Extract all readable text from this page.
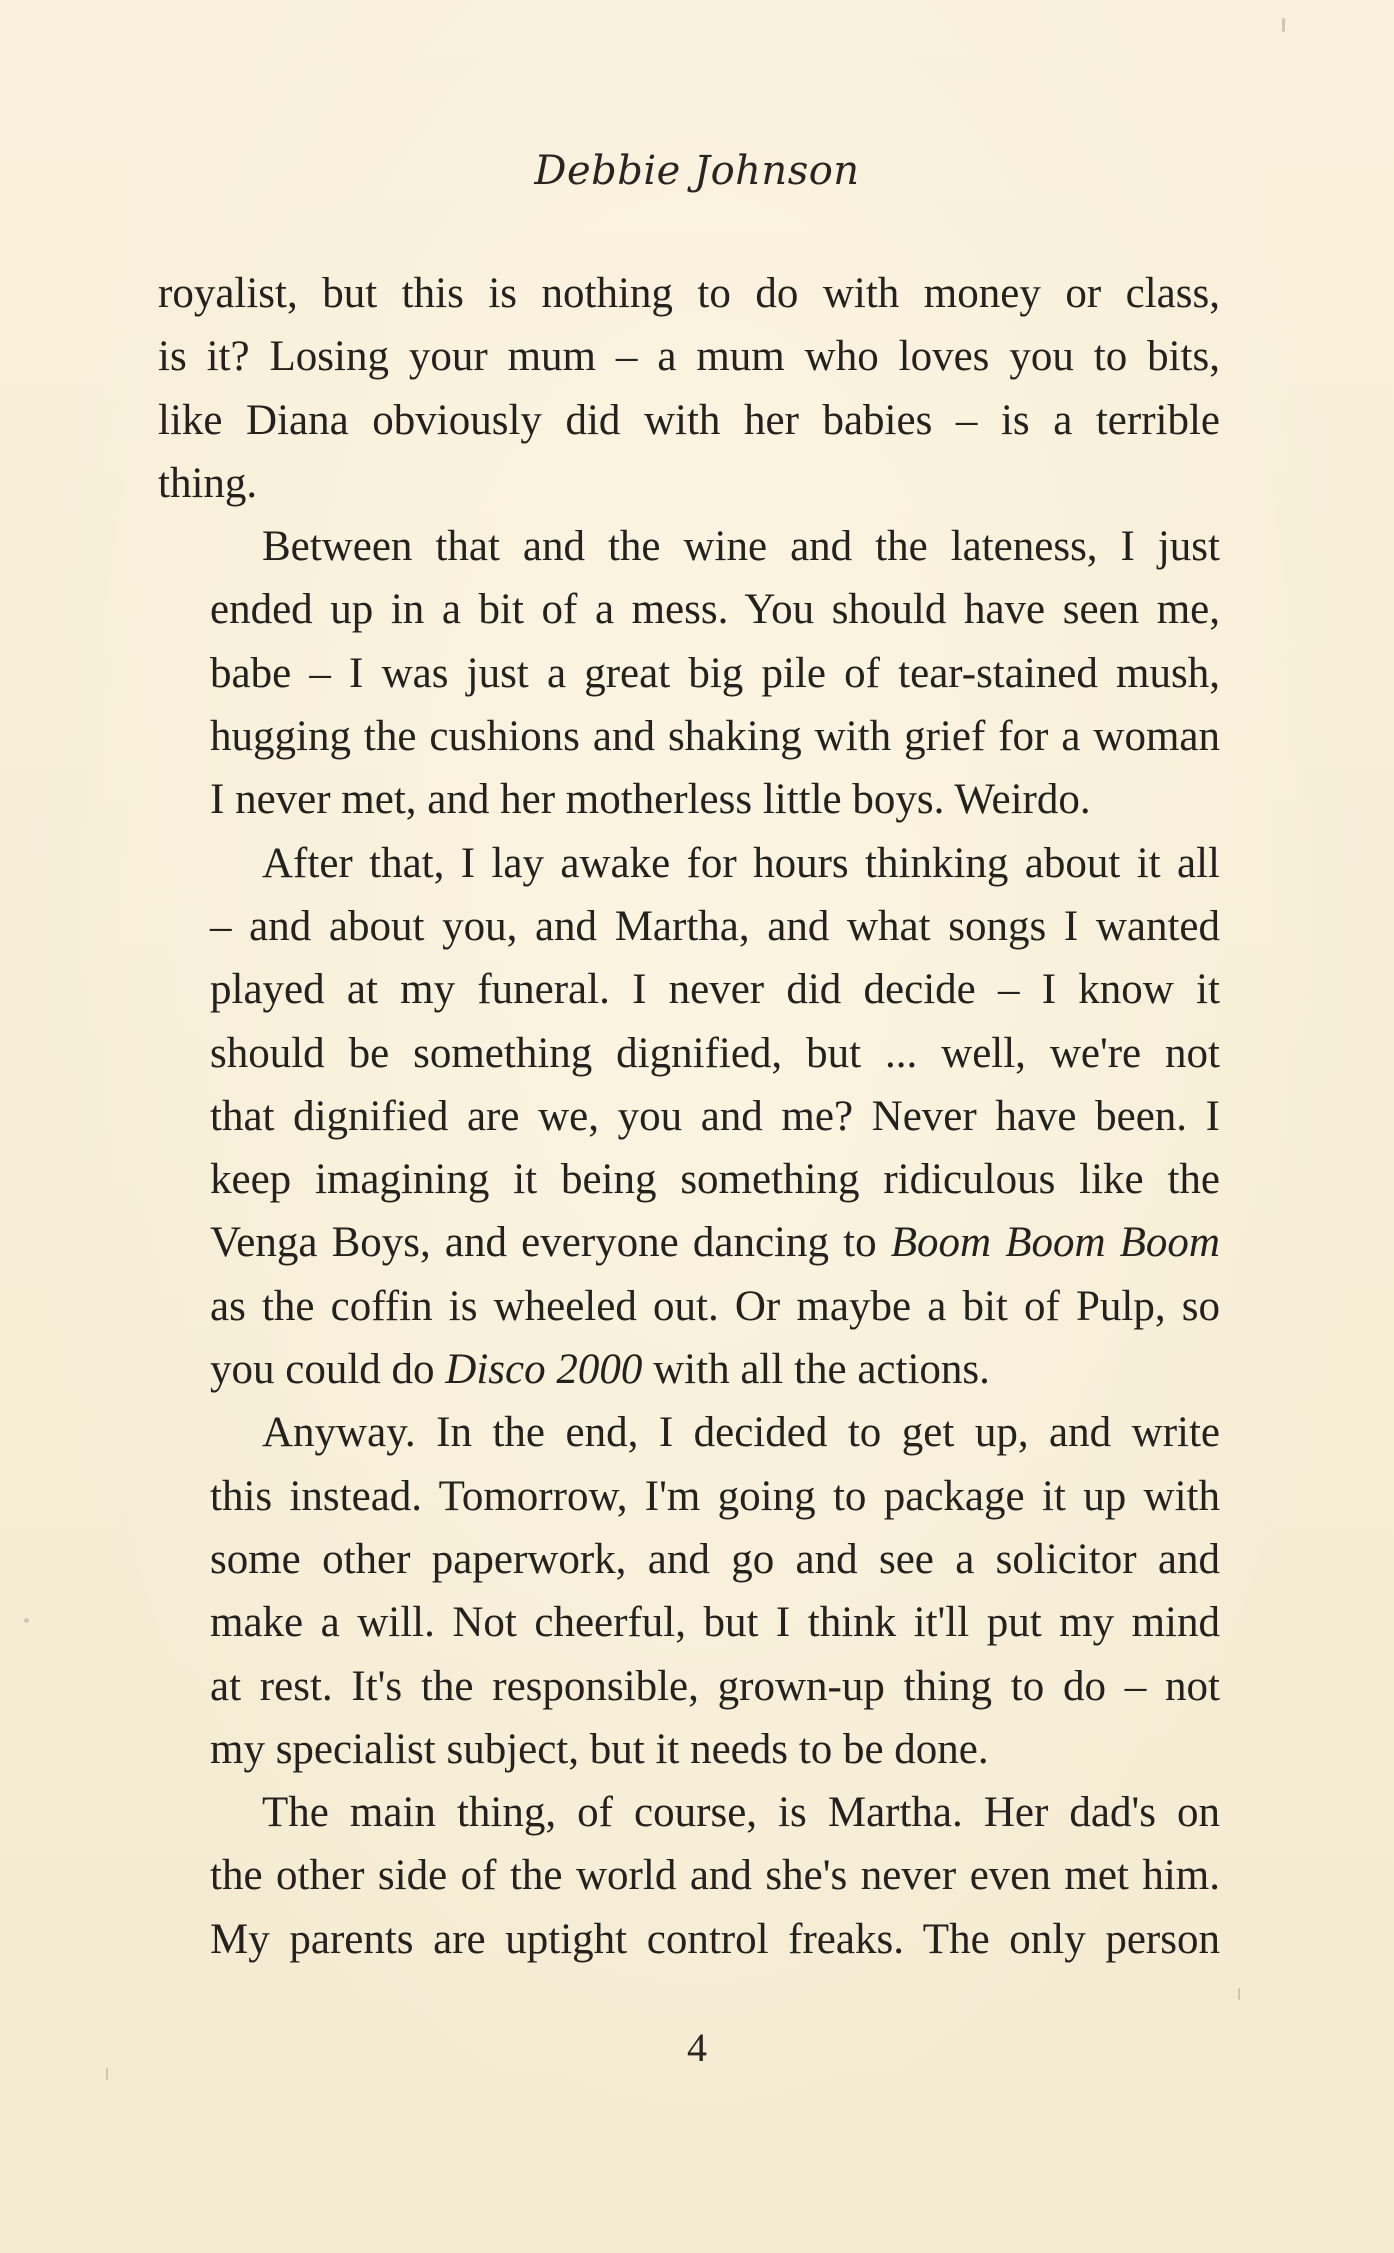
Debbie Johnson

royalist, but this is nothing to do with money or class,
is it? Losing your mum – a mum who loves you to bits,
like Diana obviously did with her babies – is a terrible
thing.

Between that and the wine and the lateness, I just
ended up in a bit of a mess. You should have seen me,
babe – I was just a great big pile of tear-stained mush,
hugging the cushions and shaking with grief for a woman
I never met, and her motherless little boys. Weirdo.

After that, I lay awake for hours thinking about it all
– and about you, and Martha, and what songs I wanted
played at my funeral. I never did decide – I know it
should be something dignified, but ... well, we're not
that dignified are we, you and me? Never have been. I
keep imagining it being something ridiculous like the
Venga Boys, and everyone dancing to Boom Boom Boom
as the coffin is wheeled out. Or maybe a bit of Pulp, so
you could do Disco 2000 with all the actions.

Anyway. In the end, I decided to get up, and write
this instead. Tomorrow, I'm going to package it up with
some other paperwork, and go and see a solicitor and
make a will. Not cheerful, but I think it'll put my mind
at rest. It's the responsible, grown-up thing to do – not
my specialist subject, but it needs to be done.

The main thing, of course, is Martha. Her dad's on
the other side of the world and she's never even met him.
My parents are uptight control freaks. The only person

4
